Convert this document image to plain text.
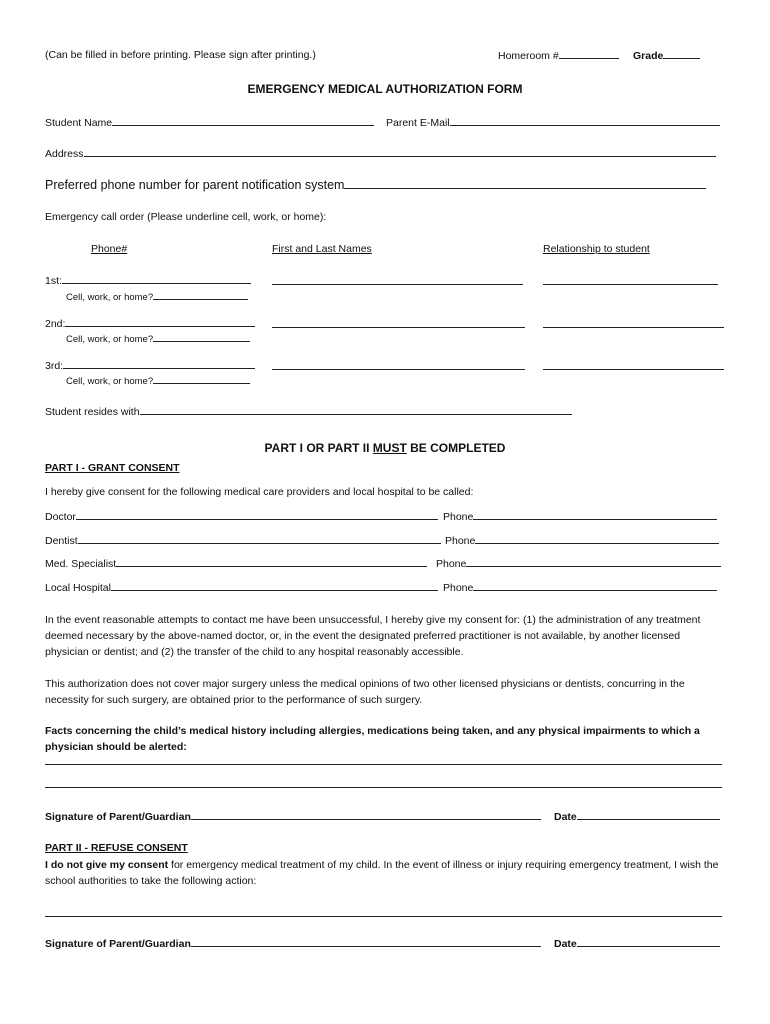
(Can be filled in before printing. Please sign after printing.)	Homeroom #	Grade
EMERGENCY MEDICAL AUTHORIZATION FORM
Student Name	Parent E-Mail
Address
Preferred phone number for parent notification system
Emergency call order (Please underline cell, work, or home):
Phone#	First and Last Names	Relationship to student
1st:
Cell, work, or home?
2nd:
Cell, work, or home?
3rd:
Cell, work, or home?
Student resides with
PART I OR PART II MUST BE COMPLETED
PART I - GRANT CONSENT
I hereby give consent for the following medical care providers and local hospital to be called:
Doctor	Phone
Dentist	Phone
Med. Specialist	Phone
Local Hospital	Phone
In the event reasonable attempts to contact me have been unsuccessful, I hereby give my consent for: (1) the administration of any treatment deemed necessary by the above-named doctor, or, in the event the designated preferred practitioner is not available, by another licensed physician or dentist; and (2) the transfer of the child to any hospital reasonably accessible.
This authorization does not cover major surgery unless the medical opinions of two other licensed physicians or dentists, concurring in the necessity for such surgery, are obtained prior to the performance of such surgery.
Facts concerning the child’s medical history including allergies, medications being taken, and any physical impairments to which a physician should be alerted:
Signature of Parent/Guardian	Date
PART II - REFUSE CONSENT
I do not give my consent for emergency medical treatment of my child. In the event of illness or injury requiring emergency treatment, I wish the school authorities to take the following action:
Signature of Parent/Guardian	Date
